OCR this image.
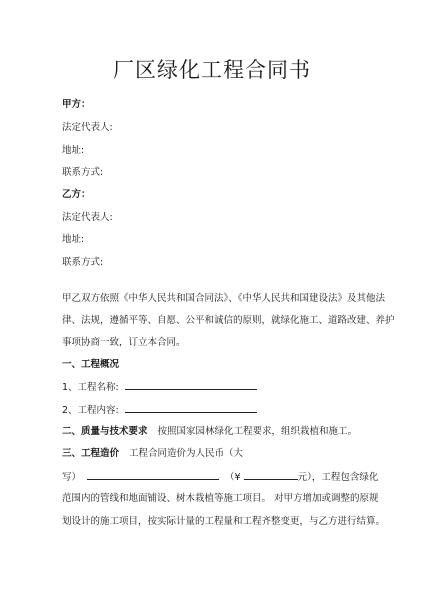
厂区绿化工程合同书
甲方：
法定代表人:
地址:
联系方式:
乙方：
法定代表人:
地址:
联系方式:
甲乙双方依照《中华人民共和国合同法》、《中华人民共和国建设法》及其他法
律、法规，遵循平等、自愿、公平和诚信的原则，就绿化施工、道路改建、养护
事项协商一致，订立本合同。
一、工程概况
1、工程名称:
2、工程内容:
二、质量与技术要求 按照国家园林绿化工程要求，组织栽植和施工。
三、工程造价 工程合同造价为人民币（大
写）	（¥	元），工程包含绿化
范围内的管线和地面铺设、树木栽植等施工项目。 对甲方增加或调整的原规
划设计的施工项目，按实际计量的工程量和工程齐整变更，与乙方进行结算。
